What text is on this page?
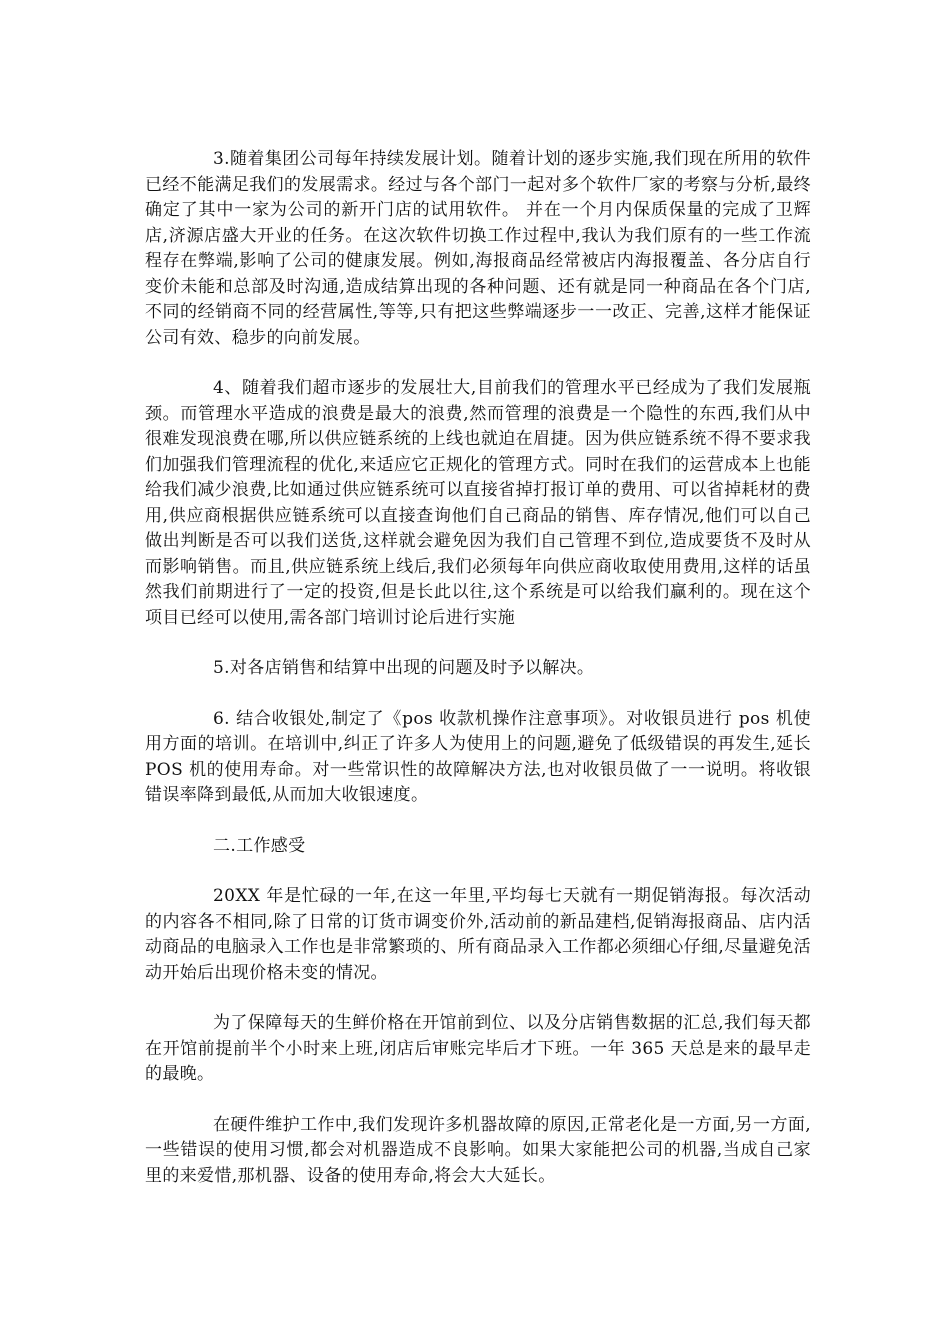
3.随着集团公司每年持续发展计划。随着计划的逐步实施,我们现在所用的软件已经不能满足我们的发展需求。经过与各个部门一起对多个软件厂家的考察与分析,最终确定了其中一家为公司的新开门店的试用软件。 并在一个月内保质保量的完成了卫辉店,济源店盛大开业的任务。在这次软件切换工作过程中,我认为我们原有的一些工作流程存在弊端,影响了公司的健康发展。例如,海报商品经常被店内海报覆盖、各分店自行变价未能和总部及时沟通,造成结算出现的各种问题、还有就是同一种商品在各个门店,不同的经销商不同的经营属性,等等,只有把这些弊端逐步一一改正、完善,这样才能保证公司有效、稳步的向前发展。

4、随着我们超市逐步的发展壮大,目前我们的管理水平已经成为了我们发展瓶颈。而管理水平造成的浪费是最大的浪费,然而管理的浪费是一个隐性的东西,我们从中很难发现浪费在哪,所以供应链系统的上线也就迫在眉捷。因为供应链系统不得不要求我们加强我们管理流程的优化,来适应它正规化的管理方式。同时在我们的运营成本上也能给我们减少浪费,比如通过供应链系统可以直接省掉打报订单的费用、可以省掉耗材的费用,供应商根据供应链系统可以直接查询他们自己商品的销售、库存情况,他们可以自己做出判断是否可以我们送货,这样就会避免因为我们自己管理不到位,造成要货不及时从而影响销售。而且,供应链系统上线后,我们必须每年向供应商收取使用费用,这样的话虽然我们前期进行了一定的投资,但是长此以往,这个系统是可以给我们赢利的。现在这个项目已经可以使用,需各部门培训讨论后进行实施

5.对各店销售和结算中出现的问题及时予以解决。

6. 结合收银处,制定了《pos 收款机操作注意事项》。对收银员进行 pos 机使用方面的培训。在培训中,纠正了许多人为使用上的问题,避免了低级错误的再发生,延长 POS 机的使用寿命。对一些常识性的故障解决方法,也对收银员做了一一说明。将收银错误率降到最低,从而加大收银速度。

二.工作感受

20XX 年是忙碌的一年,在这一年里,平均每七天就有一期促销海报。每次活动的内容各不相同,除了日常的订货市调变价外,活动前的新品建档,促销海报商品、店内活动商品的电脑录入工作也是非常繁琐的、所有商品录入工作都必须细心仔细,尽量避免活动开始后出现价格未变的情况。

为了保障每天的生鲜价格在开馆前到位、以及分店销售数据的汇总,我们每天都在开馆前提前半个小时来上班,闭店后审账完毕后才下班。一年 365 天总是来的最早走的最晚。

在硬件维护工作中,我们发现许多机器故障的原因,正常老化是一方面,另一方面,一些错误的使用习惯,都会对机器造成不良影响。如果大家能把公司的机器,当成自己家里的来爱惜,那机器、设备的使用寿命,将会大大延长。
